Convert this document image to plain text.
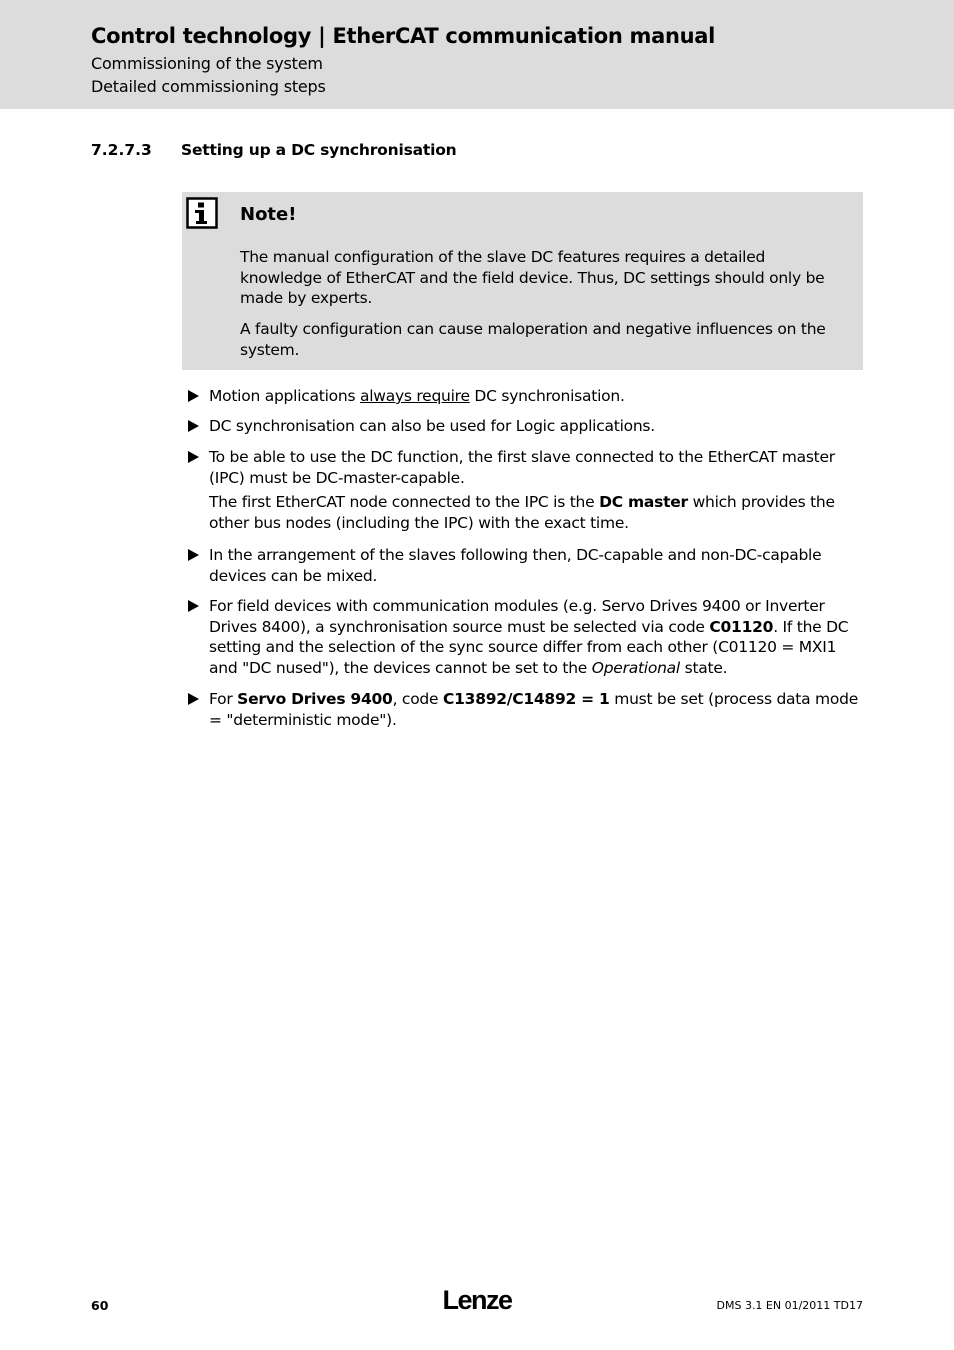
Control technology | EtherCAT communication manual
Commissioning of the system
Detailed commissioning steps
7.2.7.3 Setting up a DC synchronisation
Note!

The manual configuration of the slave DC features requires a detailed knowledge of EtherCAT and the field device. Thus, DC settings should only be made by experts.

A faulty configuration can cause maloperation and negative influences on the system.

Motion applications always require DC synchronisation.

DC synchronisation can also be used for Logic applications.

To be able to use the DC function, the first slave connected to the EtherCAT master (IPC) must be DC-master-capable.

The first EtherCAT node connected to the IPC is the DC master which provides the other bus nodes (including the IPC) with the exact time.

In the arrangement of the slaves following then, DC-capable and non-DC-capable devices can be mixed.

For field devices with communication modules (e.g. Servo Drives 9400 or Inverter Drives 8400), a synchronisation source must be selected via code C01120. If the DC setting and the selection of the sync source differ from each other (C01120 = MXI1 and "DC nused"), the devices cannot be set to the Operational state.

For Servo Drives 9400, code C13892/C14892 = 1 must be set (process data mode = "deterministic mode").

60	Lenze	DMS 3.1 EN 01/2011 TD17
